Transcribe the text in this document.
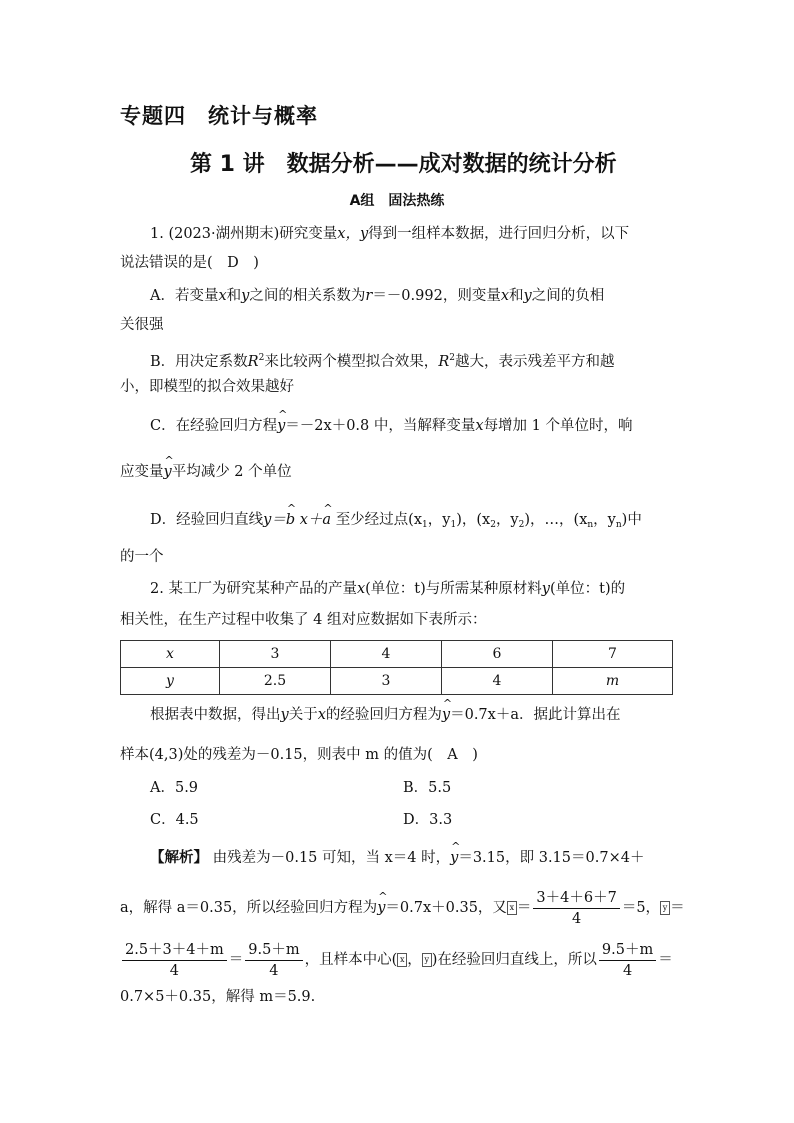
专题四　统计与概率
第 1 讲　数据分析——成对数据的统计分析
A组　固法热练
1. (2023·湖州期末)研究变量x，y得到一组样本数据，进行回归分析，以下
说法错误的是(　D　)
A．若变量x和y之间的相关系数为r＝－0.992，则变量x和y之间的负相
关很强
B．用决定系数$R^2$来比较两个模型拟合效果，$R^2$越大，表示残差平方和越
小，即模型的拟合效果越好
C．在经验回归方程^ y＝－2x＋0.8 中，当解释变量x每增加 1 个单位时，响
应变量^ y平均减少 2 个单位
D．经验回归直线y＝^ b x＋^ a 至少经过点($x_1$，$y_1$)，($x_2$，$y_2$)，…，($x_n$，$y_n$)中
的一个
2. 某工厂为研究某种产品的产量x(单位：t)与所需某种原材料y(单位：t)的
相关性，在生产过程中收集了 4 组对应数据如下表所示：
x	3	4	6	7
y	2.5	3	4	m
根据表中数据，得出y关于x的经验回归方程为^ y＝0.7x＋a．据此计算出在
样本(4,3)处的残差为－0.15，则表中 m 的值为(　A　)
A．5.9	B．5.5
C．4.5	D．3.3
【解析】 由残差为－0.15 可知，当 x＝4 时，^ y＝3.15，即 3.15＝0.7×4＋
a，解得 a＝0.35，所以经验回归方程为^ y＝0.7x＋0.35，又 $x = \frac{3+4+6+7}{4} =5$， y ＝
$\frac{2.5+3+4+m}{4} = \frac{9.5+m}{4}$ ，且样本中心( x ， y )在经验回归直线上，所以 $\frac{9.5+m}{4}$ ＝
0.7×5＋0.35，解得 m＝5.9.
